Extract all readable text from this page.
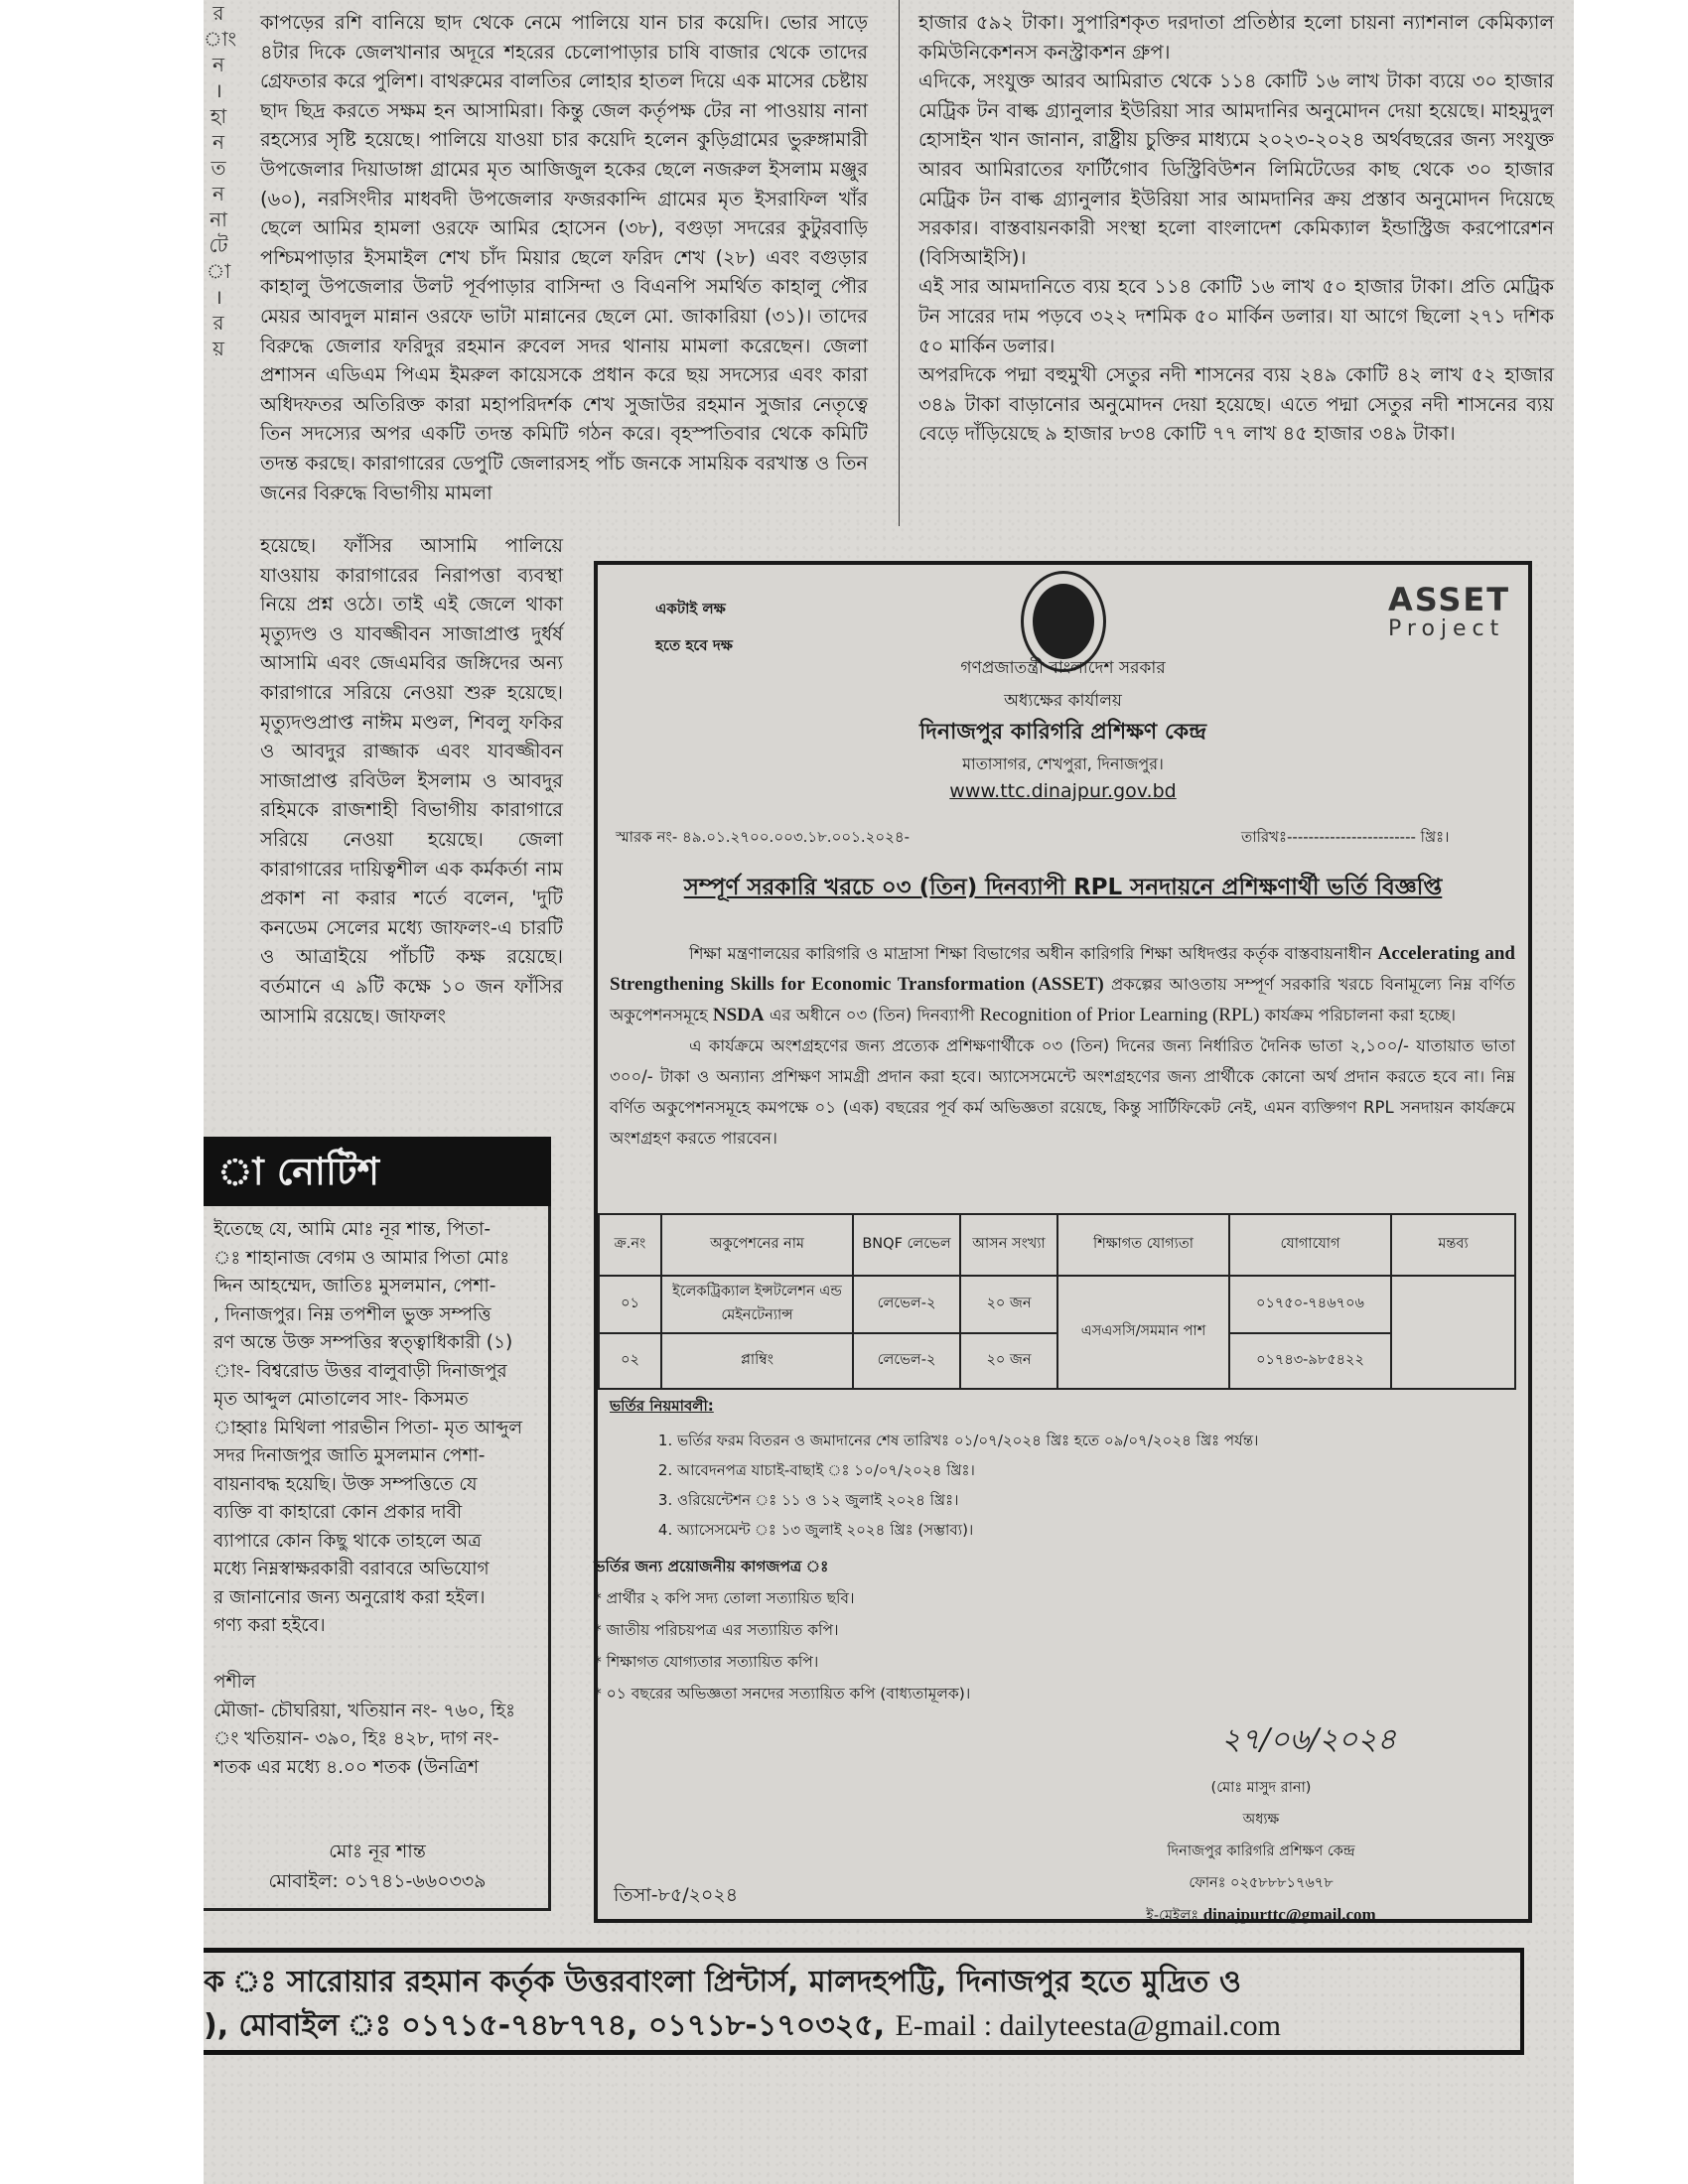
র
াং
ন
।
হা
ন
ত
ন
না
টে
া
।
র
য়

কাপড়ের রশি বানিয়ে ছাদ থেকে নেমে পালিয়ে যান চার কয়েদি। ভোর সাড়ে ৪টার দিকে জেলখানার অদূরে শহরের চেলোপাড়ার চাষি বাজার থেকে তাদের গ্রেফতার করে পুলিশ। বাথরুমের বালতির লোহার হাতল দিয়ে এক মাসের চেষ্টায় ছাদ ছিদ্র করতে সক্ষম হন আসামিরা। কিন্তু জেল কর্তৃপক্ষ টের না পাওয়ায় নানা রহস্যের সৃষ্টি হয়েছে। পালিয়ে যাওয়া চার কয়েদি হলেন কুড়িগ্রামের ভুরুঙ্গামারী উপজেলার দিয়াডাঙ্গা গ্রামের মৃত আজিজুল হকের ছেলে নজরুল ইসলাম মঞ্জুর (৬০), নরসিংদীর মাধবদী উপজেলার ফজরকান্দি গ্রামের মৃত ইসরাফিল খাঁর ছেলে আমির হামলা ওরফে আমির হোসেন (৩৮), বগুড়া সদরের কুটুরবাড়ি পশ্চিমপাড়ার ইসমাইল শেখ চাঁদ মিয়ার ছেলে ফরিদ শেখ (২৮) এবং বগুড়ার কাহালু উপজেলার উলট পূর্বপাড়ার বাসিন্দা ও বিএনপি সমর্থিত কাহালু পৌর মেয়র আবদুল মান্নান ওরফে ভাটা মান্নানের ছেলে মো. জাকারিয়া (৩১)। তাদের বিরুদ্ধে জেলার ফরিদুর রহমান রুবেল সদর থানায় মামলা করেছেন। জেলা প্রশাসন এডিএম পিএম ইমরুল কায়েসকে প্রধান করে ছয় সদস্যের এবং কারা অধিদফতর অতিরিক্ত কারা মহাপরিদর্শক শেখ সুজাউর রহমান সুজার নেতৃত্বে তিন সদস্যের অপর একটি তদন্ত কমিটি গঠন করে। বৃহস্পতিবার থেকে কমিটি তদন্ত করছে। কারাগারের ডেপুটি জেলারসহ পাঁচ জনকে সাময়িক বরখাস্ত ও তিন জনের বিরুদ্ধে বিভাগীয় মামলা

হাজার ৫৯২ টাকা। সুপারিশকৃত দরদাতা প্রতিষ্ঠার হলো চায়না ন্যাশনাল কেমিক্যাল কমিউনিকেশনস কনস্ট্রাকশন গ্রুপ।

এদিকে, সংযুক্ত আরব আমিরাত থেকে ১১৪ কোটি ১৬ লাখ টাকা ব্যয়ে ৩০ হাজার মেট্রিক টন বাল্ক গ্র্যানুলার ইউরিয়া সার আমদানির অনুমোদন দেয়া হয়েছে। মাহমুদুল হোসাইন খান জানান, রাষ্ট্রীয় চুক্তির মাধ্যমে ২০২৩-২০২৪ অর্থবছরের জন্য সংযুক্ত আরব আমিরাতের ফার্টিগোব ডিস্ট্রিবিউশন লিমিটেডের কাছ থেকে ৩০ হাজার মেট্রিক টন বাল্ক গ্র্যানুলার ইউরিয়া সার আমদানির ক্রয় প্রস্তাব অনুমোদন দিয়েছে সরকার। বাস্তবায়নকারী সংস্থা হলো বাংলাদেশ কেমিক্যাল ইন্ডাস্ট্রিজ করপোরেশন (বিসিআইসি)।

এই সার আমদানিতে ব্যয় হবে ১১৪ কোটি ১৬ লাখ ৫০ হাজার টাকা। প্রতি মেট্রিক টন সারের দাম পড়বে ৩২২ দশমিক ৫০ মার্কিন ডলার। যা আগে ছিলো ২৭১ দশিক ৫০ মার্কিন ডলার।

অপরদিকে পদ্মা বহুমুখী সেতুর নদী শাসনের ব্যয় ২৪৯ কোটি ৪২ লাখ ৫২ হাজার ৩৪৯ টাকা বাড়ানোর অনুমোদন দেয়া হয়েছে। এতে পদ্মা সেতুর নদী শাসনের ব্যয় বেড়ে দাঁড়িয়েছে ৯ হাজার ৮৩৪ কোটি ৭৭ লাখ ৪৫ হাজার ৩৪৯ টাকা।

হয়েছে। ফাঁসির আসামি পালিয়ে যাওয়ায় কারাগারের নিরাপত্তা ব্যবস্থা নিয়ে প্রশ্ন ওঠে। তাই এই জেলে থাকা মৃত্যুদণ্ড ও যাবজ্জীবন সাজাপ্রাপ্ত দুর্ধর্ষ আসামি এবং জেএমবির জঙ্গিদের অন্য কারাগারে সরিয়ে নেওয়া শুরু হয়েছে। মৃত্যুদণ্ডপ্রাপ্ত নাঈম মণ্ডল, শিবলু ফকির ও আবদুর রাজ্জাক এবং যাবজ্জীবন সাজাপ্রাপ্ত রবিউল ইসলাম ও আবদুর রহিমকে রাজশাহী বিভাগীয় কারাগারে সরিয়ে নেওয়া হয়েছে। জেলা কারাগারের দায়িত্বশীল এক কর্মকর্তা নাম প্রকাশ না করার শর্তে বলেন, 'দুটি কনডেম সেলের মধ্যে জাফলং-এ চারটি ও আত্রাইয়ে পাঁচটি কক্ষ রয়েছে। বর্তমানে এ ৯টি কক্ষে ১০ জন ফাঁসির আসামি রয়েছে। জাফলং

া নোটিশ

ইতেছে যে, আমি মোঃ নূর শান্ত, পিতা-

ঃ শাহানাজ বেগম ও আমার পিতা মোঃ

দ্দিন আহম্মেদ, জাতিঃ মুসলমান, পেশা-

, দিনাজপুর। নিম্ন তপশীল ভুক্ত সম্পত্তি

রণ অন্তে উক্ত সম্পত্তির স্বত্ত্বাধিকারী (১)

াং- বিশ্বরোড উত্তর বালুবাড়ী দিনাজপুর

মৃত আব্দুল মোতালেব সাং- কিসমত

াহ্বাঃ মিথিলা পারভীন পিতা- মৃত আব্দুল

সদর দিনাজপুর জাতি মুসলমান পেশা-

বায়নাবদ্ধ হয়েছি। উক্ত সম্পত্তিতে যে

ব্যক্তি বা কাহারো কোন প্রকার দাবী

ব্যাপারে কোন কিছু থাকে তাহলে অত্র

মধ্যে নিম্নস্বাক্ষরকারী বরাবরে অভিযোগ

র জানানোর জন্য অনুরোধ করা হইল।

গণ্য করা হইবে।

পশীল

মৌজা- চৌঘরিয়া, খতিয়ান নং- ৭৬০, হিঃ

ং খতিয়ান- ৩৯০, হিঃ ৪২৮, দাগ নং-

শতক এর মধ্যে ৪.০০ শতক (উনত্রিশ

মোঃ নূর শান্ত
মোবাইল: ০১৭৪১-৬৬০৩৩৯
একটাই লক্ষ
হতে হবে দক্ষ
ASSET
Project
গণপ্রজাতন্ত্রী বাংলাদেশ সরকার
অধ্যক্ষের কার্যালয়
দিনাজপুর কারিগরি প্রশিক্ষণ কেন্দ্র
মাতাসাগর, শেখপুরা, দিনাজপুর।
www.ttc.dinajpur.gov.bd
স্মারক নং- ৪৯.০১.২৭০০.০০৩.১৮.০০১.২০২৪-	তারিখঃ------------------------ খ্রিঃ।
সম্পূর্ণ সরকারি খরচে ০৩ (তিন) দিনব্যাপী RPL সনদায়নে প্রশিক্ষণার্থী ভর্তি বিজ্ঞপ্তি

শিক্ষা মন্ত্রণালয়ের কারিগরি ও মাদ্রাসা শিক্ষা বিভাগের অধীন কারিগরি শিক্ষা অধিদপ্তর কর্তৃক বাস্তবায়নাধীন Accelerating and Strengthening Skills for Economic Transformation (ASSET) প্রকল্পের আওতায় সম্পূর্ণ সরকারি খরচে বিনামূল্যে নিম্ন বর্ণিত অকুপেশনসমূহে NSDA এর অধীনে ০৩ (তিন) দিনব্যাপী Recognition of Prior Learning (RPL) কার্যক্রম পরিচালনা করা হচ্ছে।

এ কার্যক্রমে অংশগ্রহণের জন্য প্রত্যেক প্রশিক্ষণার্থীকে ০৩ (তিন) দিনের জন্য নির্ধারিত দৈনিক ভাতা ২,১০০/- যাতায়াত ভাতা ৩০০/- টাকা ও অন্যান্য প্রশিক্ষণ সামগ্রী প্রদান করা হবে। অ্যাসেসমেন্টে অংশগ্রহণের জন্য প্রার্থীকে কোনো অর্থ প্রদান করতে হবে না। নিম্ন বর্ণিত অকুপেশনসমূহে কমপক্ষে ০১ (এক) বছরের পূর্ব কর্ম অভিজ্ঞতা রয়েছে, কিন্তু সার্টিফিকেট নেই, এমন ব্যক্তিগণ RPL সনদায়ন কার্যক্রমে অংশগ্রহণ করতে পারবেন।

ক্র.নং	অকুপেশনের নাম	BNQF লেভেল	আসন সংখ্যা	শিক্ষাগত যোগ্যতা	যোগাযোগ	মন্তব্য
০১	ইলেকট্রিক্যাল ইন্সটলেশন এন্ড মেইনটেন্যান্স	লেভেল-২	২০ জন	এসএসসি/সমমান পাশ	০১৭৫০-৭৪৬৭০৬	
০২	প্লাম্বিং	লেভেল-২	২০ জন		০১৭৪৩-৯৮৫৪২২	
ভর্তির নিয়মাবলী:
1. ভর্তির ফরম বিতরন ও জমাদানের শেষ তারিখঃ ০১/০৭/২০২৪ খ্রিঃ হতে ০৯/০৭/২০২৪ খ্রিঃ পর্যন্ত।
2. আবেদনপত্র যাচাই-বাছাই ঃ ১০/০৭/২০২৪ খ্রিঃ।
3. ওরিয়েন্টেশন ঃ ১১ ও ১২ জুলাই ২০২৪ খ্রিঃ।
4. অ্যাসেসমেন্ট ঃ ১৩ জুলাই ২০২৪ খ্রিঃ (সম্ভাব্য)।
ভর্তির জন্য প্রয়োজনীয় কাগজপত্র ঃ
* প্রার্থীর ২ কপি সদ্য তোলা সত্যায়িত ছবি।
* জাতীয় পরিচয়পত্র এর সত্যায়িত কপি।
* শিক্ষাগত যোগ্যতার সত্যায়িত কপি।
* ০১ বছরের অভিজ্ঞতা সনদের সত্যায়িত কপি (বাধ্যতামূলক)।
২৭/০৬/২০২৪
(মোঃ মাসুদ রানা)
অধ্যক্ষ
দিনাজপুর কারিগরি প্রশিক্ষণ কেন্দ্র
ফোনঃ ০২৫৮৮৮১৭৬৭৮
ই-মেইলঃ dinajpurttc@gmail.com
তিসা-৮৫/২০২৪
ক ঃ সারোয়ার রহমান কর্তৃক উত্তরবাংলা প্রিন্টার্স, মালদহপট্টি, দিনাজপুর হতে মুদ্রিত ও
), মোবাইল ঃ ০১৭১৫-৭৪৮৭৭৪, ০১৭১৮-১৭০৩২৫, E-mail : dailyteesta@gmail.com
